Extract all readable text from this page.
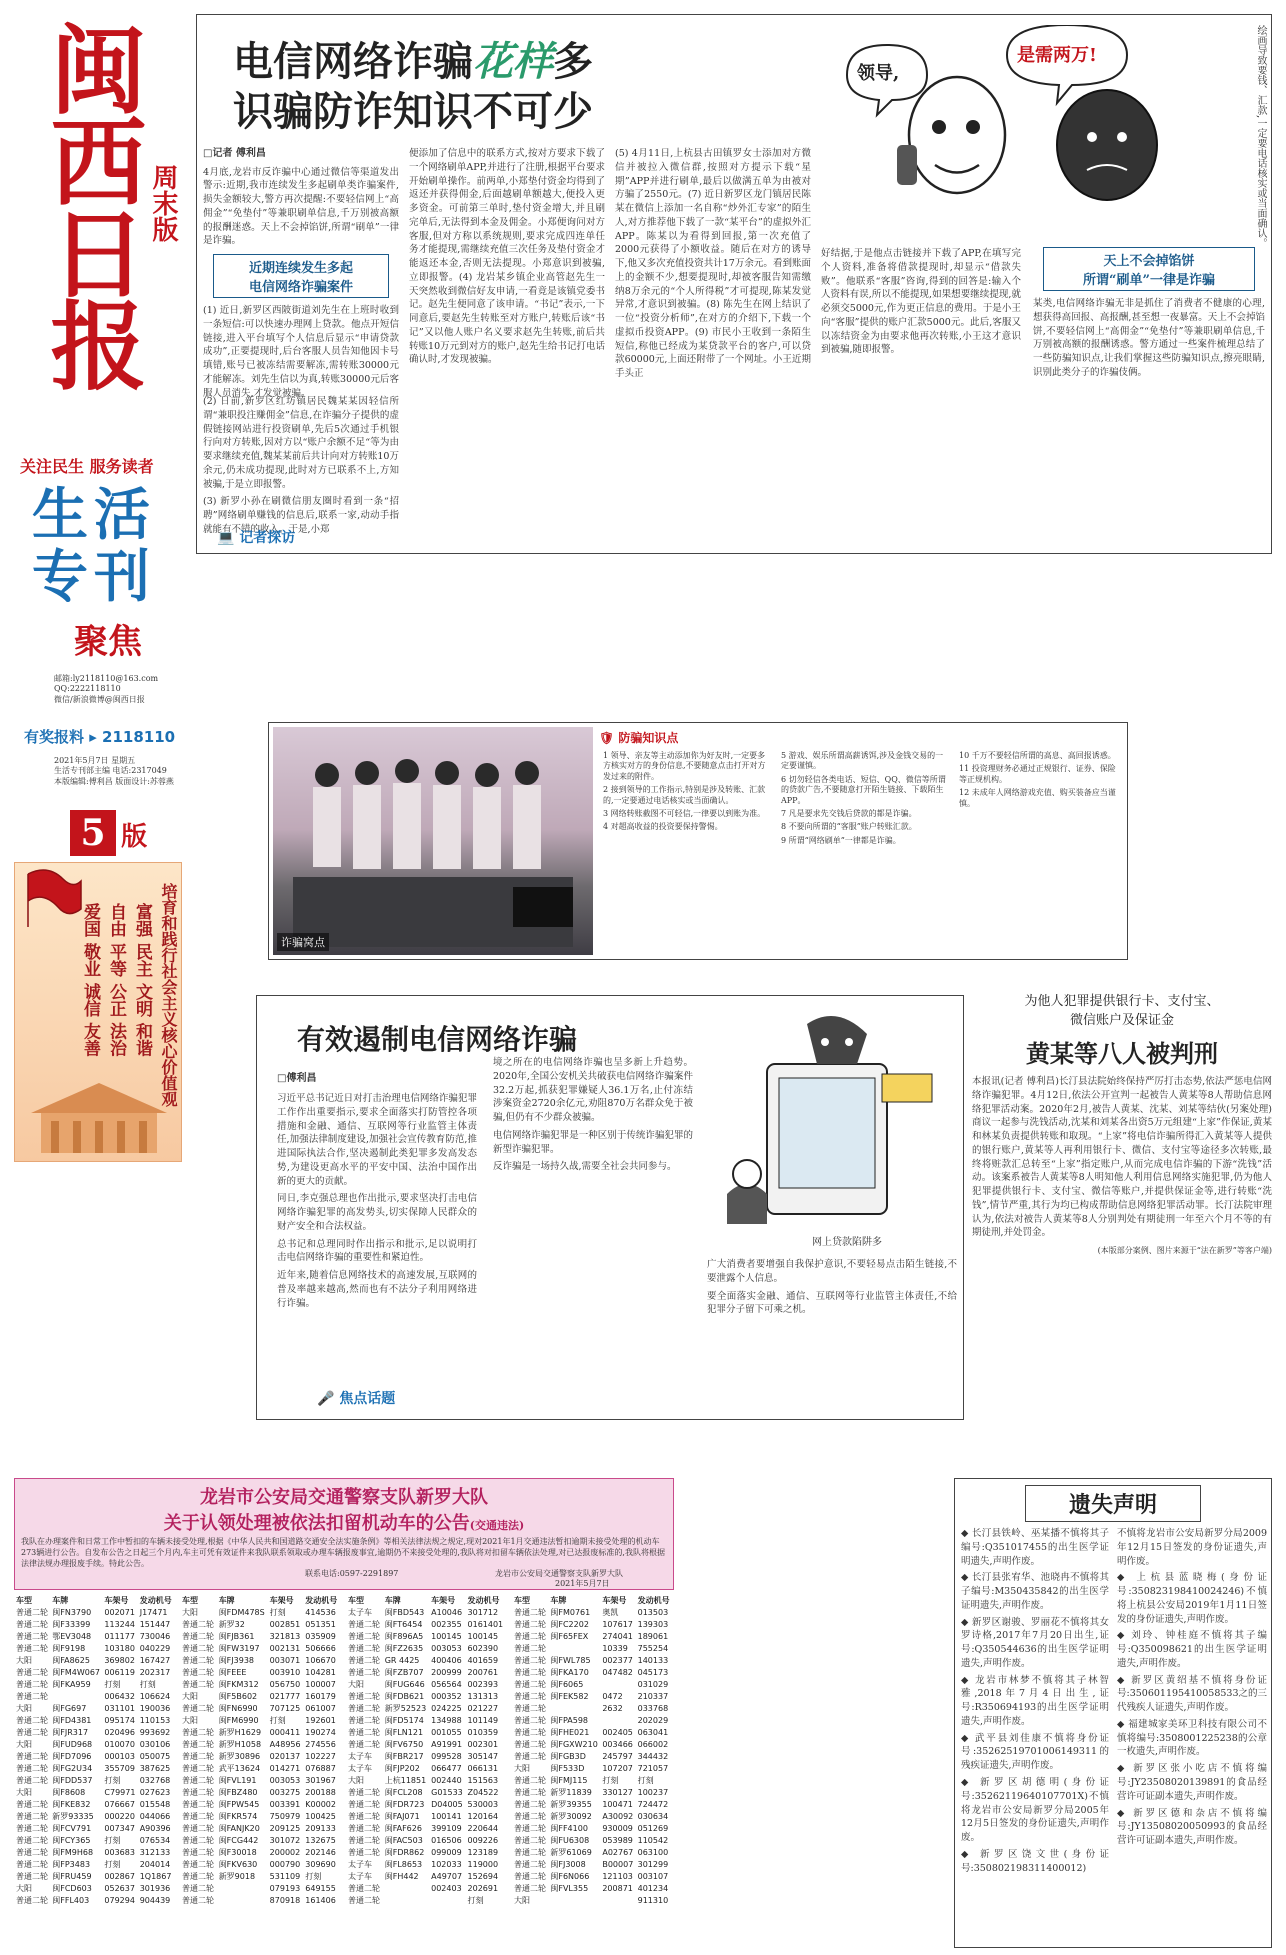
闽西日报 周末版
关注民生 服务读者
生活专刊
聚焦
邮箱:ly2118110@163.com
QQ:2222118110
微信/新浪微博@闽西日报
有奖报料 ▸ 2118110
2021年5月7日 星期五
生活专刊部主编 电话:2317049
本版编辑:傅利昌 版面设计:苏蓉燕
5 版
培育和践行社会主义核心价值观
富强 民主 文明 和谐
自由 平等 公正 法治
爱国 敬业 诚信 友善
电信网络诈骗花样多
识骗防诈知识不可少
领导,
是需两万!	绘画导致要钱、汇款,一定要电话核实或当面确认。
□记者 傅利昌
4月底,龙岩市反诈骗中心通过微信等渠道发出警示:近期,我市连续发生多起刷单类诈骗案件,损失金额较大,警方再次提醒:不要轻信网上“高佣金”“免垫付”等兼职刷单信息,千万别被高额的报酬迷惑。天上不会掉馅饼,所谓“刷单”一律是诈骗。
近期连续发生多起
电信网络诈骗案件
(1) 近日,新罗区西陂街道刘先生在上班时收到一条短信:可以快速办理网上贷款。他点开短信链接,进入平台填写个人信息后显示“申请贷款成功”,正要提现时,后台客服人员告知他因卡号填错,账号已被冻结需要解冻,需转账30000元才能解冻。刘先生信以为真,转账30000元后客服人员消失,才发觉被骗。
(2) 日前,新罗区红坊镇居民魏某某因轻信所谓“兼职投注赚佣金”信息,在诈骗分子提供的虚假链接网站进行投资刷单,先后5次通过手机银行向对方转账,因对方以“账户余额不足“等为由要求继续充值,魏某某前后共计向对方转账10万余元,仍未成功提现,此时对方已联系不上,方知被骗,于是立即报警。
(3) 新罗小孙在刷微信朋友圈时看到一条“招聘”网络刷单赚钱的信息后,联系一家,动动手指就能有不错的收入。于是,小郑
💻 记者探访
便添加了信息中的联系方式,按对方要求下载了一个网络刷单APP,并进行了注册,根据平台要求开始刷单操作。前两单,小郑垫付资金均得到了返还并获得佣金,后面越刷单额越大,便投入更多资金。可前第三单时,垫付资金增大,并且刷完单后,无法得到本金及佣金。小郑便询问对方客服,但对方称以系统规则,要求完成四连单任务才能提现,需继续充值三次任务及垫付资金才能返还本金,否则无法提现。小郑意识到被骗,立即报警。(4) 龙岩某乡镇企业高管赵先生一天突然收到微信好友申请,一看竟是该镇党委书记。赵先生便同意了该申请。“书记”表示,一下同意后,要赵先生转账至对方账户,转账后该“书记”又以他人账户名义要求赵先生转账,前后共转账10万元到对方的账户,赵先生给书记打电话确认时,才发现被骗。
(5) 4月11日,上杭县古田镇罗女士添加对方微信并被拉入微信群,按照对方提示下载“星期”APP并进行刷单,最后以做满五单为由被对方骗了2550元。(7) 近日新罗区龙门镇居民陈某在微信上添加一名自称“炒外汇专家”的陌生人,对方推荐他下载了一款“某平台”的虚拟外汇APP。陈某以为看得到回报,第一次充值了2000元获得了小额收益。随后在对方的诱导下,他又多次充值投资共计17万余元。看到账面上的金额不少,想要提现时,却被客服告知需缴纳8万余元的“个人所得税”才可提现,陈某发觉异常,才意识到被骗。(8) 陈先生在网上结识了一位“投资分析师”,在对方的介绍下,下载一个虚拟币投资APP。(9) 市民小王收到一条陌生短信,称他已经成为某贷款平台的客户,可以贷款60000元,上面还附带了一个网址。小王近期手头正
好结据,于是他点击链接并下载了APP,在填写完个人资料,准备将借款提现时,却显示“借款失败”。他联系“客服”咨询,得到的回答是:输入个人资料有误,所以不能提现,如果想要继续提现,就必须交5000元,作为更正信息的费用。于是小王向“客服”提供的账户汇款5000元。此后,客服又以冻结资金为由要求他再次转账,小王这才意识到被骗,随即报警。
天上不会掉馅饼
所谓“刷单”一律是诈骗
某类,电信网络诈骗无非是抓住了消费者不健康的心理,想获得高回报、高报酬,甚至想一夜暴富。天上不会掉馅饼,不要轻信网上“高佣金”“免垫付”等兼职刷单信息,千万别被高额的报酬诱惑。警方通过一些案件梳理总结了一些防骗知识点,让我们掌握这些防骗知识点,擦亮眼睛,识别此类分子的诈骗伎俩。
诈骗窝点
🛡 防骗知识点
1 领导、亲友等主动添加你为好友时,一定要多方核实对方的身份信息,不要随意点击打开对方发过来的附件。
2 接到领导的工作指示,特别是涉及转账、汇款的,一定要通过电话核实或当面确认。
3 网络转账截图不可轻信,一律要以到账为准。
4 对超高收益的投资要保持警惕。
5 游戏、娱乐所谓高薪诱饵,涉及金钱交易的一定要谨慎。
6 切勿轻信各类电话、短信、QQ、微信等所谓的贷款广告,不要随意打开陌生链接、下载陌生APP。
7 凡是要求先交钱后贷款的都是诈骗。
8 不要向所谓的“客服”账户转账汇款。
9 所谓“网络刷单”一律都是诈骗。
10 千万不要轻信所谓的高息、高回报诱惑。
11 投资理财务必通过正规银行、证券、保险等正规机构。
12 未成年人网络游戏充值、购买装备应当谨慎。
有效遏制电信网络诈骗
□傅利昌
习近平总书记近日对打击治理电信网络诈骗犯罪工作作出重要指示,要求全面落实打防管控各项措施和金融、通信、互联网等行业监管主体责任,加强法律制度建设,加强社会宣传教育防范,推进国际执法合作,坚决遏制此类犯罪多发高发态势,为建设更高水平的平安中国、法治中国作出新的更大的贡献。
同日,李克强总理也作出批示,要求坚决打击电信网络诈骗犯罪的高发势头,切实保障人民群众的财产安全和合法权益。
总书记和总理同时作出指示和批示,足以说明打击电信网络诈骗的重要性和紧迫性。
近年来,随着信息网络技术的高速发展,互联网的普及率越来越高,然而也有不法分子利用网络进行诈骗。
🎤 焦点话题
境之所在的电信网络诈骗也呈多新上升趋势。2020年,全国公安机关共破获电信网络诈骗案件32.2万起,抓获犯罪嫌疑人36.1万名,止付冻结涉案资金2720余亿元,劝阻870万名群众免于被骗,但仍有不少群众被骗。
电信网络诈骗犯罪是一种区别于传统诈骗犯罪的新型诈骗犯罪。
反诈骗是一场持久战,需要全社会共同参与。
网上贷款陷阱多
广大消费者要增强自我保护意识,不要轻易点击陌生链接,不要泄露个人信息。
要全面落实金融、通信、互联网等行业监管主体责任,不给犯罪分子留下可乘之机。
为他人犯罪提供银行卡、支付宝、
微信账户及保证金
黄某等八人被判刑
本报讯(记者 傅利昌)长汀县法院始终保持严厉打击态势,依法严惩电信网络诈骗犯罪。4月12日,依法公开宣判一起被告人黄某等8人帮助信息网络犯罪活动案。2020年2月,被告人黄某、沈某、刘某等结伙(另案处理)商议一起参与洗钱活动,沈某和刘某各出资5万元组建“上家”作保证,黄某和林某负责提供转账和取现。“上家”将电信诈骗所得汇入黄某等人提供的银行账户,黄某等人再利用银行卡、微信、支付宝等途径多次转账,最终将赃款汇总转至“上家”指定账户,从而完成电信诈骗的下游“洗钱”活动。该案系被告人黄某等8人明知他人利用信息网络实施犯罪,仍为他人犯罪提供银行卡、支付宝、微信等账户,并提供保证金等,进行转账“洗钱”,情节严重,其行为均已构成帮助信息网络犯罪活动罪。长汀法院审理认为,依法对被告人黄某等8人分别判处有期徒刑一年至六个月不等的有期徒刑,并处罚金。
(本版部分案例、图片来源于“法在新罗”等客户端)
龙岩市公安局交通警察支队新罗大队
关于认领处理被依法扣留机动车的公告(交通违法)
我队在办理案件和日常工作中暂扣的车辆未接受处理,根据《中华人民共和国道路交通安全法实施条例》等相关法律法规之规定,现对2021年1月交通违法暂扣逾期未接受处理的机动车273辆进行公告。自发布公告之日起三个月内,车主可凭有效证件来我队联系领取或办理车辆报废事宜,逾期仍不来接受处理的,我队将对扣留车辆依法处理,对已达报废标准的,我队将根据法律法规办理报废手续。特此公告。
联系电话:0597-2291897	龙岩市公安局交通警察支队新罗大队
2021年5月7日
车型	车牌	车架号	发动机号
普通二轮	闽FN3790	002071	J17471
普通二轮	闽F33399	113244	151447
普通二轮	鄂EV3048	011177	730046
普通二轮	闽F9198	103180	040229
大阳	闽FA8625	369802	167427
普通二轮	闽FM4W067	006119	202317
普通二轮	闽FKA959	打刻	打刻
普通二轮		006432	106624
大阳	闽FG697	031101	190036
普通二轮	闽FD4381	095174	110153
普通二轮	闽FJR317	020496	993692
大阳	闽FUD968	010070	030106
普通二轮	闽FD7096	000103	050075
普通二轮	闽FG2U34	355709	387625
普通二轮	闽FDD537	打刻	032768
大阳	闽F8608	C79971	027623
普通二轮	闽FKE832	076667	015548
普通二轮	新罗93335	000220	044066
普通二轮	闽FCV791	007347	A90396
普通二轮	闽FCY365	打刻	076534
普通二轮	闽FM9H68	003683	312133
普通二轮	闽FP3483	打刻	204014
普通二轮	闽FRU459	002867	1Q1867
大阳	闽FCD603	052637	301936
普通二轮	闽FFL403	079294	904439
车型	车牌	车架号	发动机号
大阳	闽FDM478S	打刻	414536
普通二轮	新罗32	002851	051351
普通二轮	闽FJB361	321813	035909
普通二轮	闽FW3197	002131	506666
普通二轮	闽FJ3938	003071	106670
普通二轮	闽FEEE	003910	104281
普通二轮	闽FKM312	056750	100007
大阳	闽F5B602	021777	160179
普通二轮	闽FN6990	707125	061007
大阳	闽FM6990	打刻	192601
普通二轮	新罗H1629	000411	190274
普通二轮	新罗H1058	A48956	274556
普通二轮	新罗30896	020137	102227
普通二轮	武平13624	014271	076887
普通二轮	闽FVL191	003053	301967
普通二轮	闽FBZ480	003275	200188
普通二轮	闽FPW545	003391	K00002
普通二轮	闽FKR574	750979	100425
普通二轮	闽FANJK20	209125	209133
普通二轮	闽FCG442	301072	132675
普通二轮	闽F30018	200002	202146
普通二轮	闽FKV630	000790	309690
普通二轮	新罗9018	531109	打刻
普通二轮		079193	649155
普通二轮		870918	161406
车型	车牌	车架号	发动机号
太子车	闽FBD543	A10046	301712
普通二轮	闽FT6454	002355	0161401
普通二轮	闽F896A5	100145	100145
普通二轮	闽FZ2635	003053	602390
普通二轮	GR 4425	400406	401659
普通二轮	闽FZB707	200999	200761
大阳	闽FUG646	056564	002393
普通二轮	闽FDB621	000352	131313
普通二轮	新罗52523	024225	021227
普通二轮	闽FD5174	134988	101149
普通二轮	闽FLN121	001055	010359
普通二轮	闽FV6750	A91991	002301
太子车	闽FBR217	099528	305147
太子车	闽FJP202	066477	066131
大阳	上杭11851	002440	151563
普通二轮	闽FCL208	G01533	Z04522
普通二轮	闽FDR723	D04005	530003
普通二轮	闽FAJ071	100141	120164
普通二轮	闽FAF626	399109	220644
普通二轮	闽FAC503	016506	009226
普通二轮	闽FDR862	099009	123189
太子车	闽FL8653	102033	119000
太子车	闽FH442	A49707	152694
普通二轮		002403	202691
普通二轮			打刻
车型	车牌	车架号	发动机号
普通二轮	闽FM0761	奥凯	013503
普通二轮	闽FC2202	107617	139303
普通二轮	闽F65FEX	274041	189061
普通二轮		10339	755254
普通二轮	闽FWL785	002377	140133
普通二轮	闽FKA170	047482	045173
普通二轮	闽F6065		031029
普通二轮	闽FEK582	0472	210337
普通二轮		2632	033768
普通二轮	闽FPA598		202029
普通二轮	闽FHE021	002405	063041
普通二轮	闽FGXW210	003466	066002
普通二轮	闽FGB3D	245797	344432
大阳	闽F533D	107207	721057
普通二轮	闽FMJ115	打刻	打刻
普通二轮	新罗11839	330127	100237
普通二轮	新罗39355	100471	724472
普通二轮	新罗30092	A30092	030634
普通二轮	闽FF4100	930009	051269
普通二轮	闽FU6308	053989	110542
普通二轮	新罗61069	A02767	063100
普通二轮	闽FJ3008	B00007	301299
普通二轮	闽F6N066	121103	003107
普通二轮	闽FVL355	200871	401234
大阳			911310
遗失声明
◆ 长汀县铁岭、巫某播不慎将其子编号:Q351017455的出生医学证明遗失,声明作废。
◆ 长汀县张宥华、池晓冉不慎将其子编号:M350435842的出生医学证明遗失,声明作废。
◆ 新罗区谢骏、罗丽花不慎将其女罗诗格,2017年7月20日出生,证号:Q350544636的出生医学证明遗失,声明作废。
◆ 龙岩市林梦不慎将其子林智雅,2018年7月4日出生,证号:R350694193的出生医学证明遗失,声明作废。
◆ 武平县刘佳康不慎将身份证号:35262519701006149311的残疾证遗失,声明作废。
◆ 新罗区胡德明(身份证号:35262119640107701X)不慎将龙岩市公安局新罗分局2005年12月5日签发的身份证遗失,声明作废。
◆ 新罗区饶文世(身份证号:350802198311400012)
不慎将龙岩市公安局新罗分局2009年12月15日签发的身份证遗失,声明作废。
◆ 上杭县蓝晓梅(身份证号:350823198410024246)不慎将上杭县公安局2019年1月11日签发的身份证遗失,声明作废。
◆ 刘玲、钟桂庭不慎将其子编号:Q350098621的出生医学证明遗失,声明作废。
◆ 新罗区黄绍基不慎将身份证号:350601195410058533之的三代残疾人证遗失,声明作废。
◆ 福建城家美环卫科技有限公司不慎将编号:3508001225238的公章一枚遗失,声明作废。
◆ 新罗区张小吃店不慎将编号:JY23508020139891的食品经营许可证副本遗失,声明作废。
◆ 新罗区德和杂店不慎将编号:JY13508020050993的食品经营许可证副本遗失,声明作废。
